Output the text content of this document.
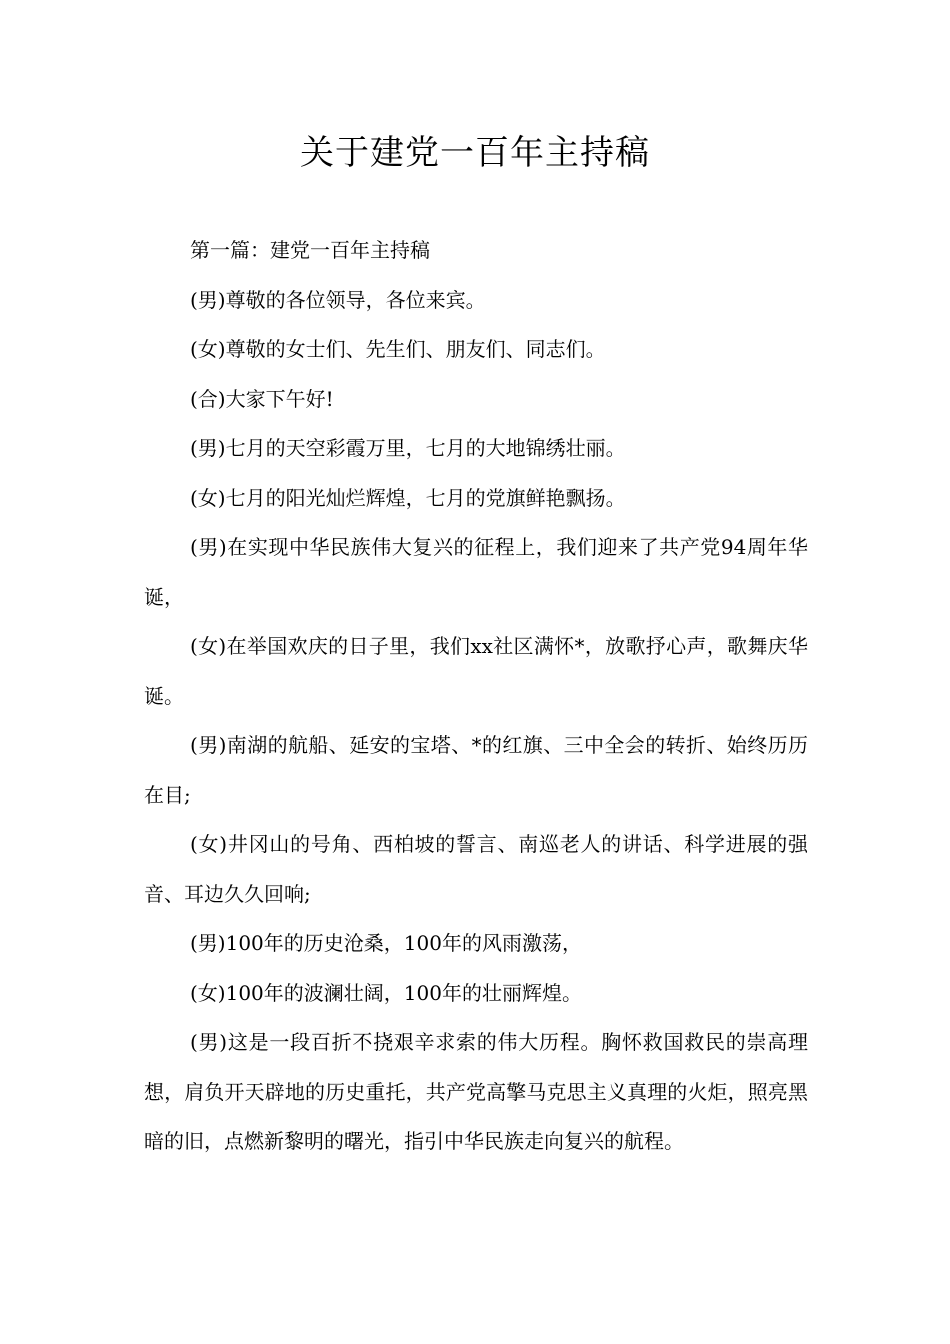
关于建党一百年主持稿

第一篇：建党一百年主持稿

(男)尊敬的各位领导，各位来宾。

(女)尊敬的女士们、先生们、朋友们、同志们。

(合)大家下午好!

(男)七月的天空彩霞万里，七月的大地锦绣壮丽。

(女)七月的阳光灿烂辉煌，七月的党旗鲜艳飘扬。

(男)在实现中华民族伟大复兴的征程上，我们迎来了共产党94周年华诞，

(女)在举国欢庆的日子里，我们xx社区满怀*，放歌抒心声，歌舞庆华诞。

(男)南湖的航船、延安的宝塔、*的红旗、三中全会的转折、始终历历在目;

(女)井冈山的号角、西柏坡的誓言、南巡老人的讲话、科学进展的强音、耳边久久回响;

(男)100年的历史沧桑，100年的风雨激荡，

(女)100年的波澜壮阔，100年的壮丽辉煌。

(男)这是一段百折不挠艰辛求索的伟大历程。胸怀救国救民的崇高理想，肩负开天辟地的历史重托，共产党高擎马克思主义真理的火炬，照亮黑暗的旧，点燃新黎明的曙光，指引中华民族走向复兴的航程。
